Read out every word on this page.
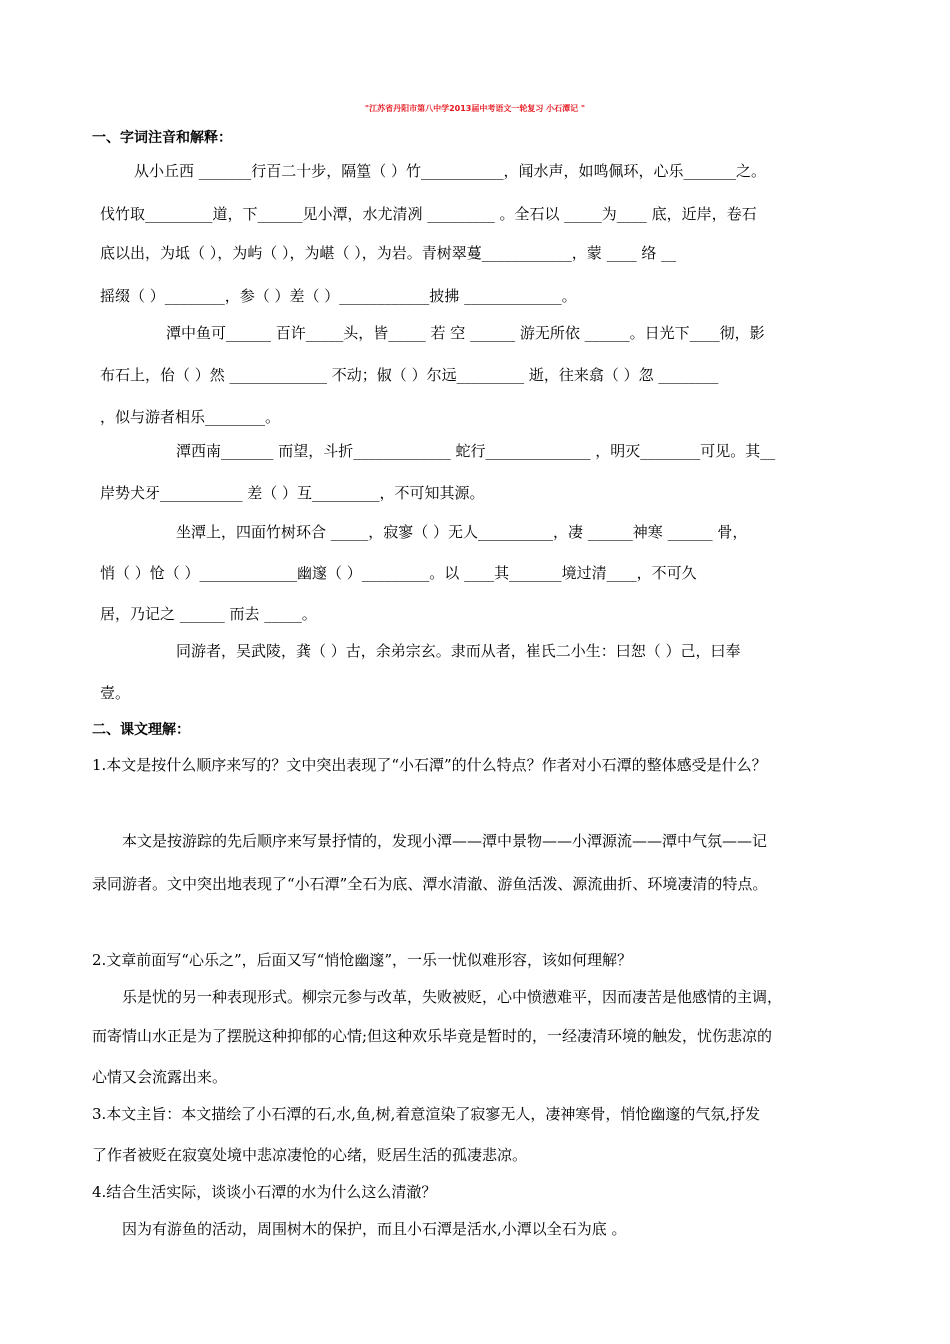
"江苏省丹阳市第八中学2013届中考语文一轮复习 小石潭记 "
一、字词注音和解释：
从小丘西 _______行百二十步，隔篁（ ）竹___________，闻水声，如鸣佩环，心乐_______之。
伐竹取_________道，下______见小潭，水尤清冽 _________ 。全石以 _____为____ 底，近岸，卷石
底以出，为坻（ ），为屿（ ），为嵁（ ），为岩。青树翠蔓____________，蒙 ____ 络 __
摇缀（ ）________，参（ ）差（ ）____________披拂 _____________。
潭中鱼可______ 百许_____头，皆_____ 若 空 ______ 游无所依 ______。日光下____彻，影
布石上，佁（ ）然 _____________ 不动；俶（ ）尔远_________ 逝，往来翕（ ）忽 ________
，似与游者相乐________。
潭西南_______ 而望，斗折_____________ 蛇行______________ ，明灭________可见。其__
岸势犬牙___________ 差（ ）互_________，不可知其源。
坐潭上，四面竹树环合 _____，寂寥（ ）无人__________，凄 ______神寒 ______ 骨，
悄（ ）怆（ ）_____________幽邃（ ）_________。以 ____其_______境过清____，不可久
居，乃记之 ______ 而去 _____。
同游者，吴武陵，龚（ ）古，余弟宗玄。隶而从者，崔氏二小生：曰恕（ ）己，曰奉
壹。
二、课文理解：
1.本文是按什么顺序来写的？文中突出表现了“小石潭”的什么特点？作者对小石潭的整体感受是什么？
本文是按游踪的先后顺序来写景抒情的，发现小潭——潭中景物——小潭源流——潭中气氛——记
录同游者。文中突出地表现了“小石潭”全石为底、潭水清澈、游鱼活泼、源流曲折、环境凄清的特点。
2.文章前面写“心乐之”，后面又写“悄怆幽邃”，一乐一忧似难形容，该如何理解？
乐是忧的另一种表现形式。柳宗元参与改革，失败被贬，心中愤懑难平，因而凄苦是他感情的主调，
而寄情山水正是为了摆脱这种抑郁的心情;但这种欢乐毕竟是暂时的，一经凄清环境的触发，忧伤悲凉的
心情又会流露出来。
3.本文主旨：本文描绘了小石潭的石,水,鱼,树,着意渲染了寂寥无人，凄神寒骨，悄怆幽邃的气氛,抒发
了作者被贬在寂寞处境中悲凉凄怆的心绪，贬居生活的孤凄悲凉。
4.结合生活实际，谈谈小石潭的水为什么这么清澈？
因为有游鱼的活动，周围树木的保护，而且小石潭是活水,小潭以全石为底 。
